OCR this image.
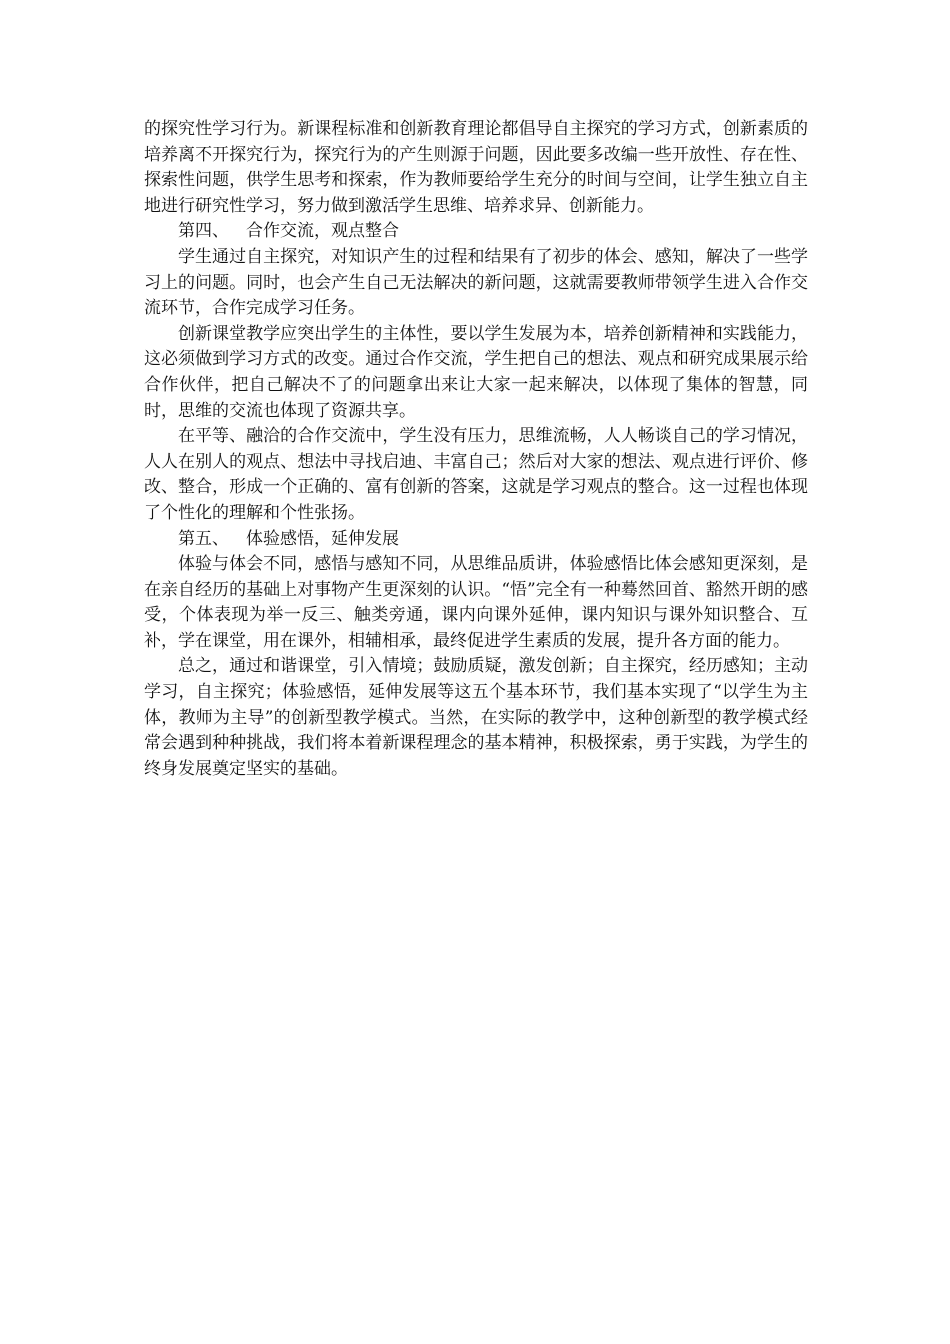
的探究性学习行为。新课程标准和创新教育理论都倡导自主探究的学习方式，创新素质的培养离不开探究行为，探究行为的产生则源于问题，因此要多改编一些开放性、存在性、探索性问题，供学生思考和探索，作为教师要给学生充分的时间与空间，让学生独立自主地进行研究性学习，努力做到激活学生思维、培养求异、创新能力。

第四、 合作交流，观点整合

学生通过自主探究，对知识产生的过程和结果有了初步的体会、感知，解决了一些学习上的问题。同时，也会产生自己无法解决的新问题，这就需要教师带领学生进入合作交流环节，合作完成学习任务。

创新课堂教学应突出学生的主体性，要以学生发展为本，培养创新精神和实践能力，这必须做到学习方式的改变。通过合作交流，学生把自己的想法、观点和研究成果展示给合作伙伴，把自己解决不了的问题拿出来让大家一起来解决，以体现了集体的智慧，同时，思维的交流也体现了资源共享。

在平等、融洽的合作交流中，学生没有压力，思维流畅，人人畅谈自己的学习情况，人人在别人的观点、想法中寻找启迪、丰富自己；然后对大家的想法、观点进行评价、修改、整合，形成一个正确的、富有创新的答案，这就是学习观点的整合。这一过程也体现了个性化的理解和个性张扬。

第五、 体验感悟，延伸发展

体验与体会不同，感悟与感知不同，从思维品质讲，体验感悟比体会感知更深刻，是在亲自经历的基础上对事物产生更深刻的认识。“悟”完全有一种蓦然回首、豁然开朗的感受，个体表现为举一反三、触类旁通，课内向课外延伸，课内知识与课外知识整合、互补，学在课堂，用在课外，相辅相承，最终促进学生素质的发展，提升各方面的能力。

总之，通过和谐课堂，引入情境；鼓励质疑，激发创新；自主探究，经历感知；主动学习，自主探究；体验感悟，延伸发展等这五个基本环节，我们基本实现了“以学生为主体，教师为主导”的创新型教学模式。当然，在实际的教学中，这种创新型的教学模式经常会遇到种种挑战，我们将本着新课程理念的基本精神，积极探索，勇于实践，为学生的终身发展奠定坚实的基础。
